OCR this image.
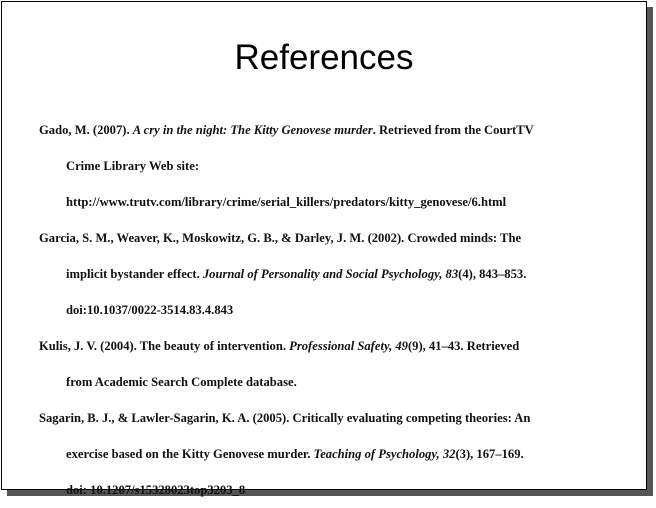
References
Gado, M. (2007). A cry in the night: The Kitty Genovese murder. Retrieved from the CourtTV
Crime Library Web site:
http://www.trutv.com/library/crime/serial_killers/predators/kitty_genovese/6.html
Garcia, S. M., Weaver, K., Moskowitz, G. B., & Darley, J. M. (2002). Crowded minds: The
implicit bystander effect. Journal of Personality and Social Psychology, 83(4), 843–853.
doi:10.1037/0022-3514.83.4.843
Kulis, J. V. (2004). The beauty of intervention. Professional Safety, 49(9), 41–43. Retrieved
from Academic Search Complete database.
Sagarin, B. J., & Lawler-Sagarin, K. A. (2005). Critically evaluating competing theories: An
exercise based on the Kitty Genovese murder. Teaching of Psychology, 32(3), 167–169.
doi: 10.1207/s15328023top3203_8
